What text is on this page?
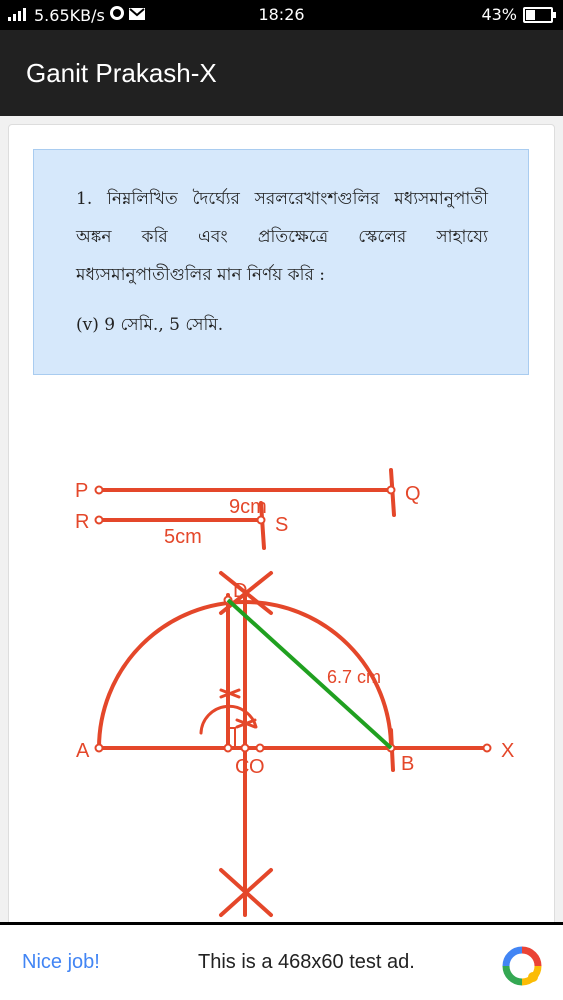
5.65KB/s	18:26	43%
Ganit Prakash-X
1. নিম্নলিখিত দৈর্ঘ্যের সরলরেখাংশগুলির মধ্যসমানুপাতী অঙ্কন করি এবং প্রতিক্ষেত্রে স্কেলের সাহায্যে মধ্যসমানুপাতীগুলির মান নির্ণয় করি :
(v) 9 সেমি., 5 সেমি.
P	Q
R	S
9cm
5cm
A
B
C O
D
X
6.7 cm
Nice job!	This is a 468x60 test ad.
